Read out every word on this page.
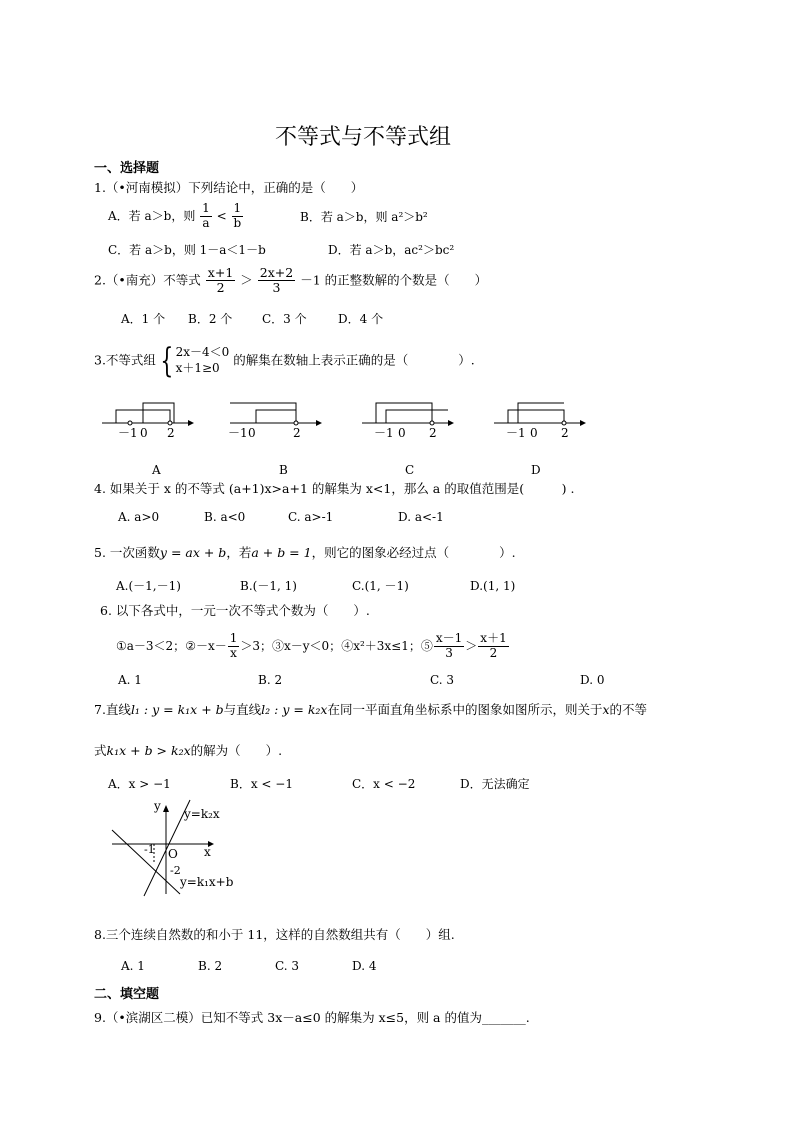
不等式与不等式组
一、选择题
1.（•河南模拟）下列结论中，正确的是（　　）
A．若 a＞b，则 $\frac{1}{a} < \frac{1}{b}$	B．若 a＞b，则 a²＞b²
C．若 a＞b，则 1－a＜1－b	D．若 a＞b，ac²＞bc²
2.（•南充）不等式 $\frac{x+1}{2} > \frac{2x+2}{3} -1$ 的正整数解的个数是（　　）
A．1 个 B．2 个 C．3 个	D．4 个
3.不等式组 { 2x－4＜0
x＋1≥0
的解集在数轴上表示正确的是（　　　　）.
－1 0 2	－1 0	2	－1 0 2	－1 0 2
A	B	C	D
4. 如果关于 x 的不等式 (a+1)x>a+1 的解集为 x<1，那么 a 的取值范围是(　　　) .
A. a>0	B. a<0	C. a>-1	D. a<-1
5. 一次函数y = ax + b，若a + b = 1，则它的图象必经过点（　　　　）.
A.(－1,－1)	B.(－1, 1)	C.(1, －1)	D.(1, 1)
6. 以下各式中，一元一次不等式个数为（　　）.
①a－3＜2；②－x－ $\frac{1}{x} >3$；③x－y＜0；④x²＋3x≤1；⑤ $\frac{x-1}{3} > \frac{x+1}{2}$
A. 1	B. 2	C. 3	D. 0
7.直线l₁ : y = k₁x + b与直线l₂ : y = k₂x在同一平面直角坐标系中的图象如图所示，则关于x的不等
式k₁x + b > k₂x的解为（　　）.
A．x > −1	B．x < −1	C．x < −2	D．无法确定
y
x
O
y=k₂x
y=k₁x+b
-1
-2
8.三个连续自然数的和小于 11，这样的自然数组共有（　　）组.
A. 1	B. 2	C. 3	D. 4
二、填空题
9.（•滨湖区二模）已知不等式 3x－a≤0 的解集为 x≤5，则 a 的值为_______.
